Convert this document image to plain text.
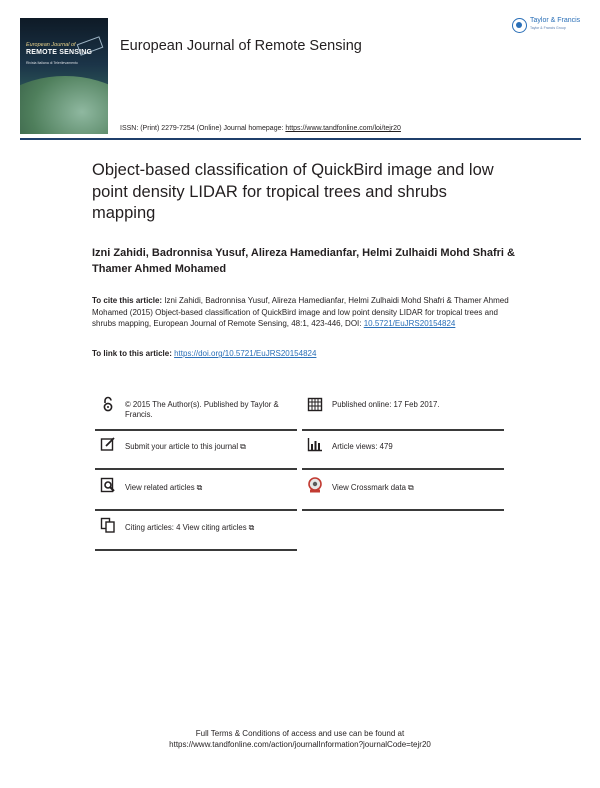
European Journal of
REMOTE SENSING
Rivista Italiana di Telerilevamento
European Journal of Remote Sensing
Taylor & Francis
Taylor & Francis Group
ISSN: (Print) 2279-7254 (Online) Journal homepage: https://www.tandfonline.com/loi/tejr20
Object-based classification of QuickBird image and low point density LIDAR for tropical trees and shrubs mapping
Izni Zahidi, Badronnisa Yusuf, Alireza Hamedianfar, Helmi Zulhaidi Mohd Shafri & Thamer Ahmed Mohamed
To cite this article: Izni Zahidi, Badronnisa Yusuf, Alireza Hamedianfar, Helmi Zulhaidi Mohd Shafri & Thamer Ahmed Mohamed (2015) Object-based classification of QuickBird image and low point density LIDAR for tropical trees and shrubs mapping, European Journal of Remote Sensing, 48:1, 423-446, DOI: 10.5721/EuJRS20154824
To link to this article: https://doi.org/10.5721/EuJRS20154824
© 2015 The Author(s). Published by Taylor & Francis.
Submit your article to this journal ⧉
View related articles ⧉
Citing articles: 4 View citing articles ⧉
Published online: 17 Feb 2017.
Article views: 479
View Crossmark data ⧉
Full Terms & Conditions of access and use can be found at
https://www.tandfonline.com/action/journalInformation?journalCode=tejr20
